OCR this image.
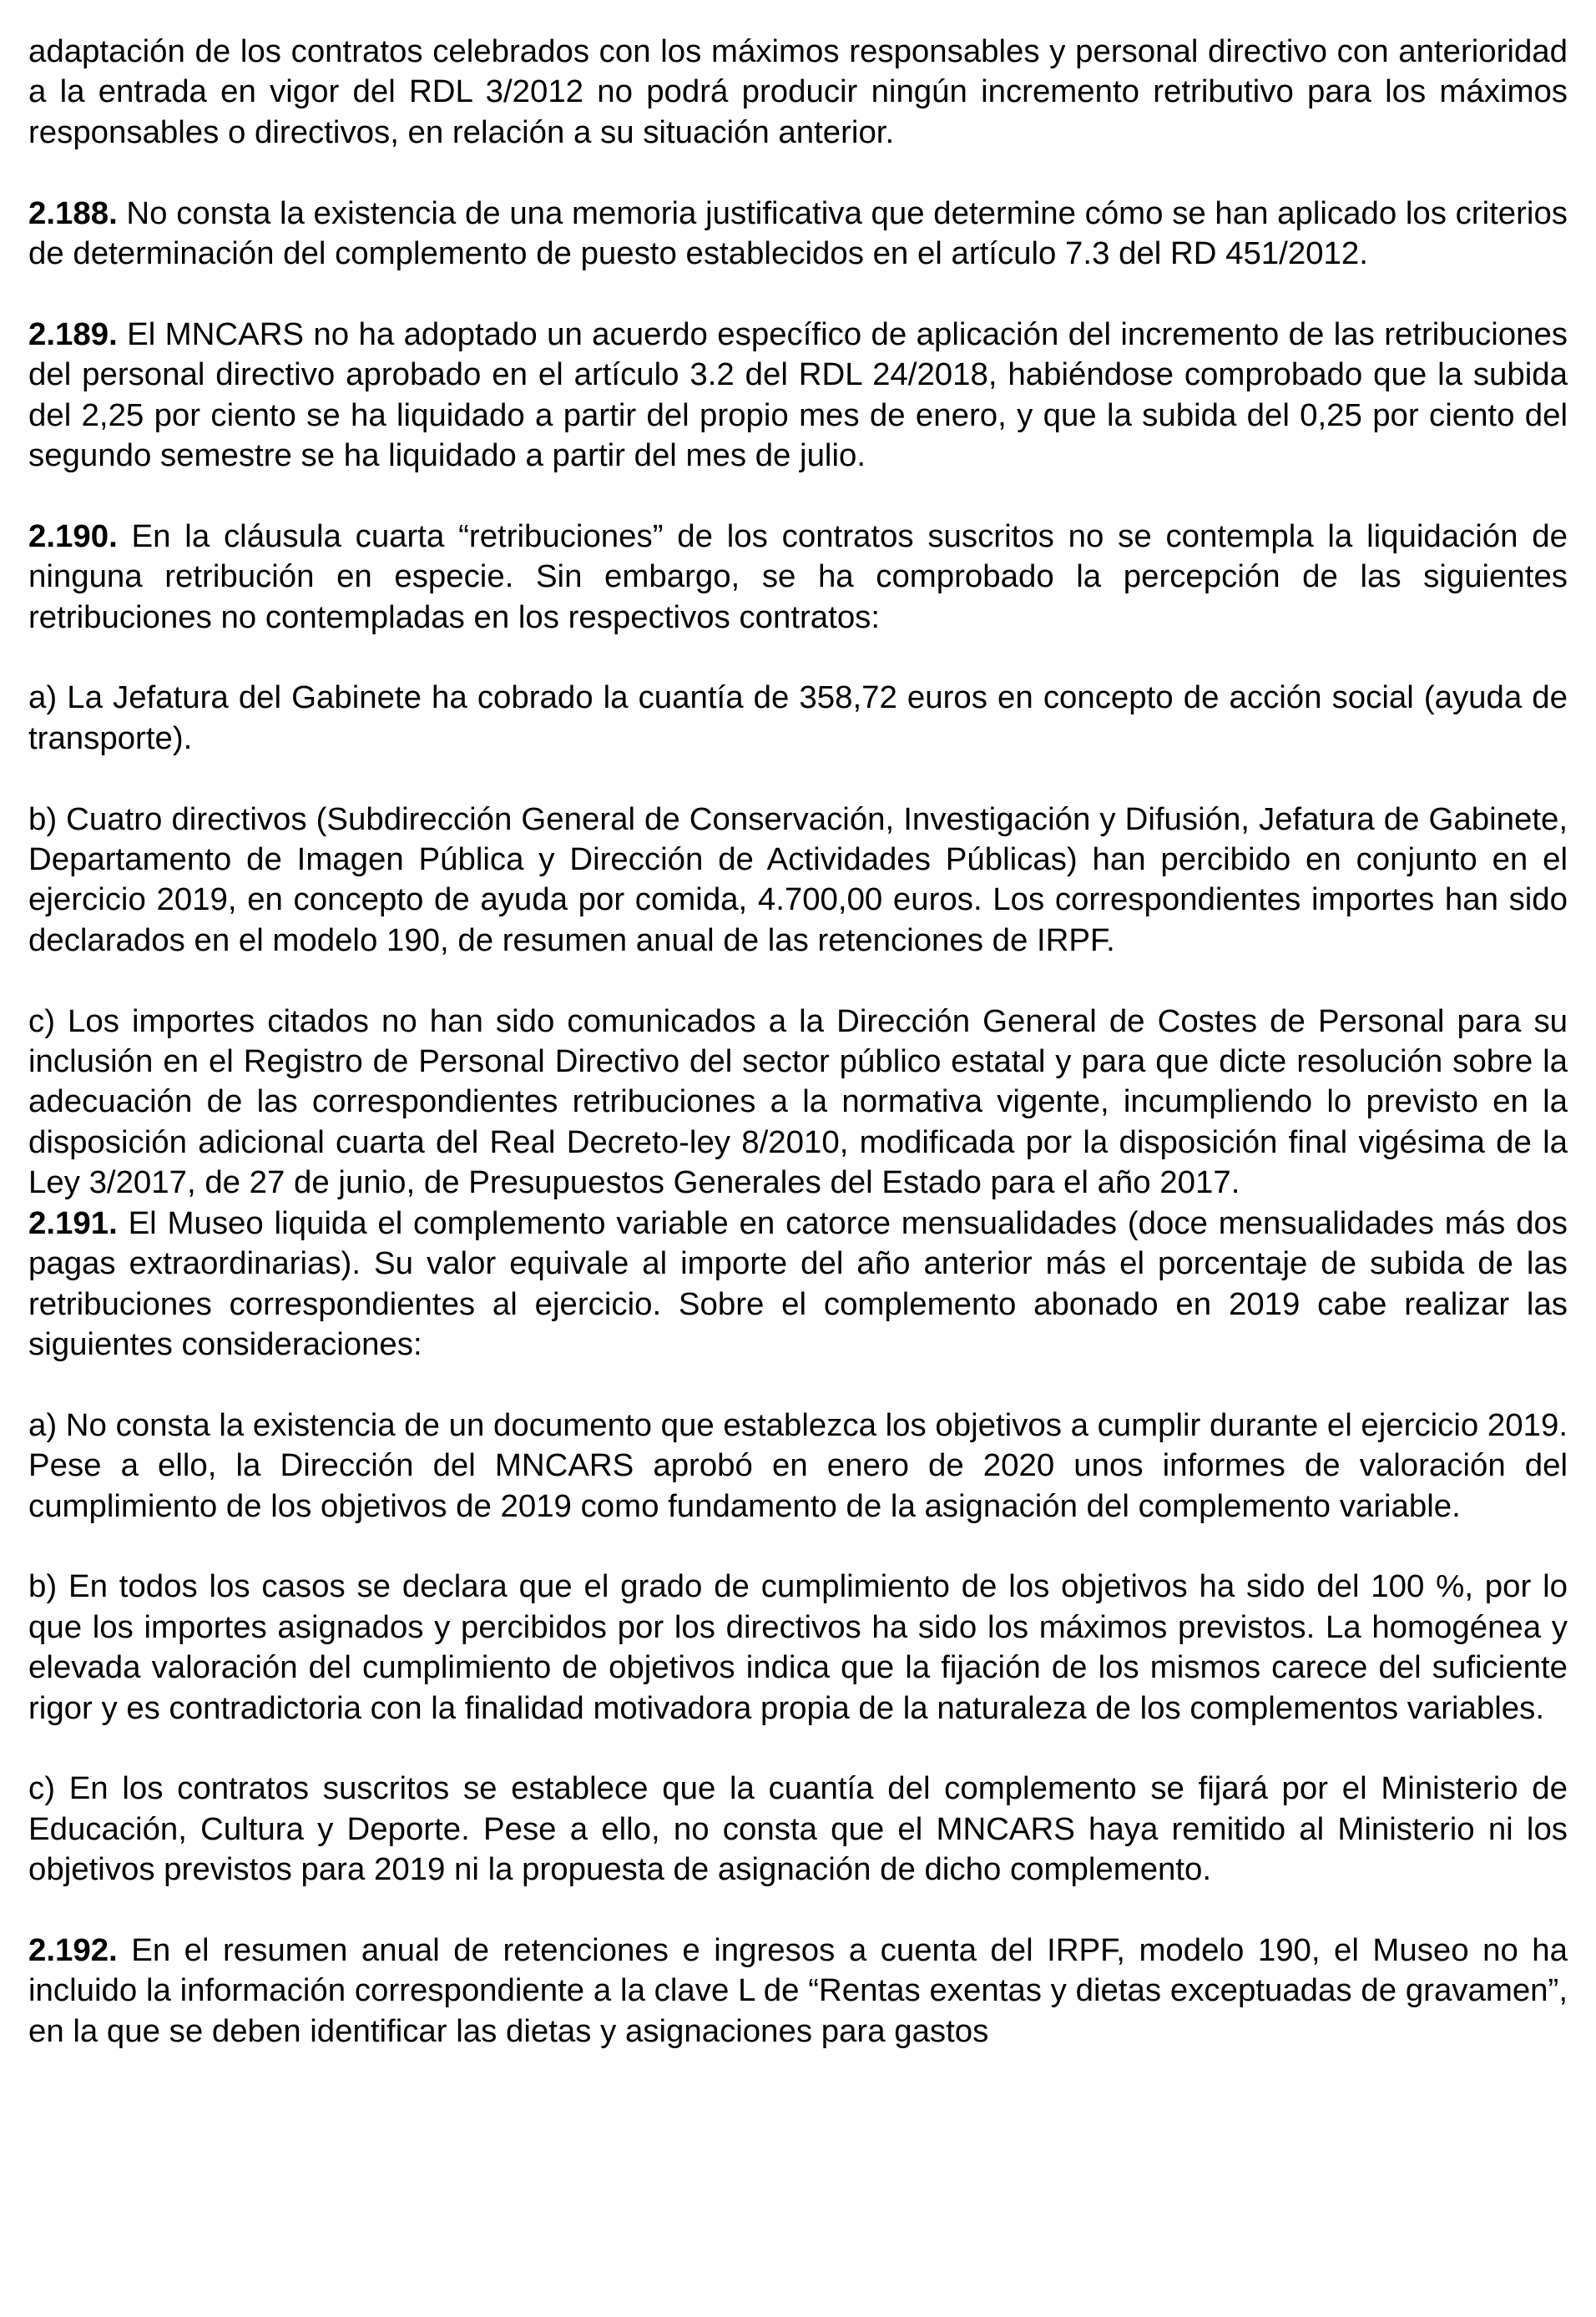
adaptación de los contratos celebrados con los máximos responsables y personal directivo con anterioridad a la entrada en vigor del RDL 3/2012 no podrá producir ningún incremento retributivo para los máximos responsables o directivos, en relación a su situación anterior.

2.188. No consta la existencia de una memoria justificativa que determine cómo se han aplicado los criterios de determinación del complemento de puesto establecidos en el artículo 7.3 del RD 451/2012.

2.189. El MNCARS no ha adoptado un acuerdo específico de aplicación del incremento de las retribuciones del personal directivo aprobado en el artículo 3.2 del RDL 24/2018, habiéndose comprobado que la subida del 2,25 por ciento se ha liquidado a partir del propio mes de enero, y que la subida del 0,25 por ciento del segundo semestre se ha liquidado a partir del mes de julio.

2.190. En la cláusula cuarta “retribuciones” de los contratos suscritos no se contempla la liquidación de ninguna retribución en especie. Sin embargo, se ha comprobado la percepción de las siguientes retribuciones no contempladas en los respectivos contratos:

a) La Jefatura del Gabinete ha cobrado la cuantía de 358,72 euros en concepto de acción social (ayuda de transporte).

b) Cuatro directivos (Subdirección General de Conservación, Investigación y Difusión, Jefatura de Gabinete, Departamento de Imagen Pública y Dirección de Actividades Públicas) han percibido en conjunto en el ejercicio 2019, en concepto de ayuda por comida, 4.700,00 euros. Los correspondientes importes han sido declarados en el modelo 190, de resumen anual de las retenciones de IRPF.

c) Los importes citados no han sido comunicados a la Dirección General de Costes de Personal para su inclusión en el Registro de Personal Directivo del sector público estatal y para que dicte resolución sobre la adecuación de las correspondientes retribuciones a la normativa vigente, incumpliendo lo previsto en la disposición adicional cuarta del Real Decreto-ley 8/2010, modificada por la disposición final vigésima de la Ley 3/2017, de 27 de junio, de Presupuestos Generales del Estado para el año 2017.

2.191. El Museo liquida el complemento variable en catorce mensualidades (doce mensualidades más dos pagas extraordinarias). Su valor equivale al importe del año anterior más el porcentaje de subida de las retribuciones correspondientes al ejercicio. Sobre el complemento abonado en 2019 cabe realizar las siguientes consideraciones:

a) No consta la existencia de un documento que establezca los objetivos a cumplir durante el ejercicio 2019. Pese a ello, la Dirección del MNCARS aprobó en enero de 2020 unos informes de valoración del cumplimiento de los objetivos de 2019 como fundamento de la asignación del complemento variable.

b) En todos los casos se declara que el grado de cumplimiento de los objetivos ha sido del 100 %, por lo que los importes asignados y percibidos por los directivos ha sido los máximos previstos. La homogénea y elevada valoración del cumplimiento de objetivos indica que la fijación de los mismos carece del suficiente rigor y es contradictoria con la finalidad motivadora propia de la naturaleza de los complementos variables.

c) En los contratos suscritos se establece que la cuantía del complemento se fijará por el Ministerio de Educación, Cultura y Deporte. Pese a ello, no consta que el MNCARS haya remitido al Ministerio ni los objetivos previstos para 2019 ni la propuesta de asignación de dicho complemento.

2.192. En el resumen anual de retenciones e ingresos a cuenta del IRPF, modelo 190, el Museo no ha incluido la información correspondiente a la clave L de “Rentas exentas y dietas exceptuadas de gravamen”, en la que se deben identificar las dietas y asignaciones para gastos
